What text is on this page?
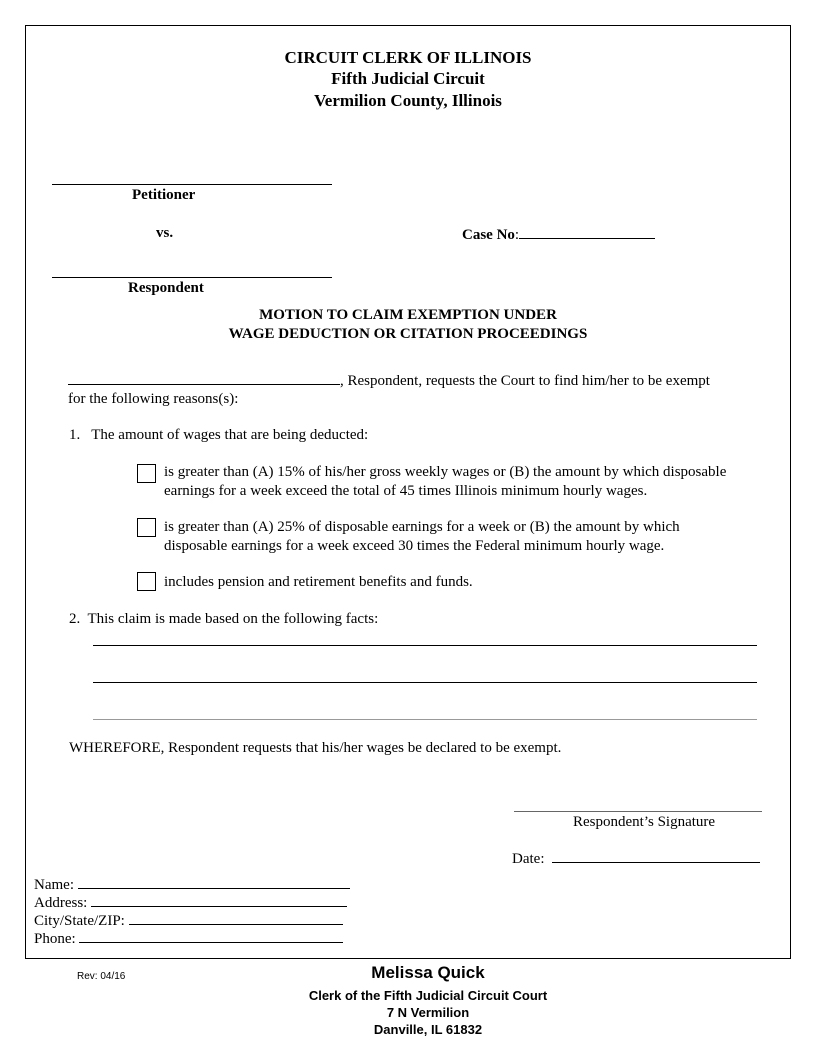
CIRCUIT CLERK OF ILLINOIS
Fifth Judicial Circuit
Vermilion County, Illinois
Petitioner
vs.	Case No:
Respondent
MOTION TO CLAIM EXEMPTION UNDER
WAGE DEDUCTION OR CITATION PROCEEDINGS
, Respondent, requests the Court to find him/her to be exempt
for the following reasons(s):
1.   The amount of wages that are being deducted:
is greater than (A) 15% of his/her gross weekly wages or (B) the amount by which disposable
earnings for a week exceed the total of 45 times Illinois minimum hourly wages.
is greater than (A) 25% of disposable earnings for a week or (B) the amount by which
disposable earnings for a week exceed 30 times the Federal minimum hourly wage.
includes pension and retirement benefits and funds.
2.  This claim is made based on the following facts:
WHEREFORE, Respondent requests that his/her wages be declared to be exempt.
Respondent’s Signature
Date:
Name:
Address:
City/State/ZIP:
Phone:
Rev: 04/16	Melissa Quick
Clerk of the Fifth Judicial Circuit Court
7 N Vermilion
Danville, IL 61832
